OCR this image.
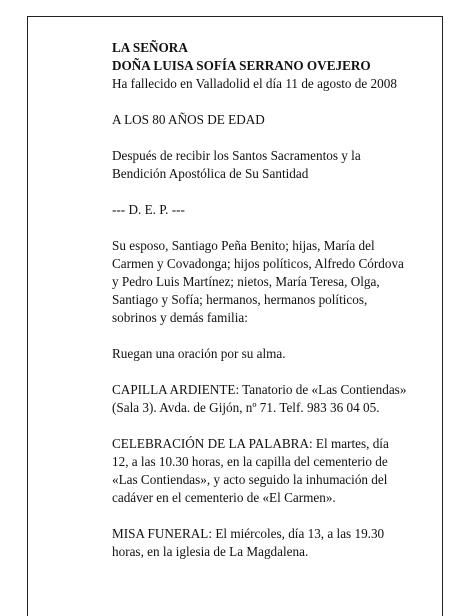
LA SEÑORA

DOÑA LUISA SOFÍA SERRANO OVEJERO

Ha fallecido en Valladolid el día 11 de agosto de 2008

A LOS 80 AÑOS DE EDAD

Después de recibir los Santos Sacramentos y la

Bendición Apostólica de Su Santidad

--- D. E. P. ---

Su esposo, Santiago Peña Benito; hijas, María del

Carmen y Covadonga; hijos políticos, Alfredo Córdova

y Pedro Luis Martínez; nietos, María Teresa, Olga,

Santiago y Sofía; hermanos, hermanos políticos,

sobrinos y demás familia:

Ruegan una oración por su alma.

CAPILLA ARDIENTE: Tanatorio de «Las Contiendas»

(Sala 3). Avda. de Gijón, nº 71. Telf. 983 36 04 05.

CELEBRACIÓN DE LA PALABRA: El martes, día

12, a las 10.30 horas, en la capilla del cementerio de

«Las Contiendas», y acto seguido la inhumación del

cadáver en el cementerio de «El Carmen».

MISA FUNERAL: El miércoles, día 13, a las 19.30

horas, en la iglesia de La Magdalena.
